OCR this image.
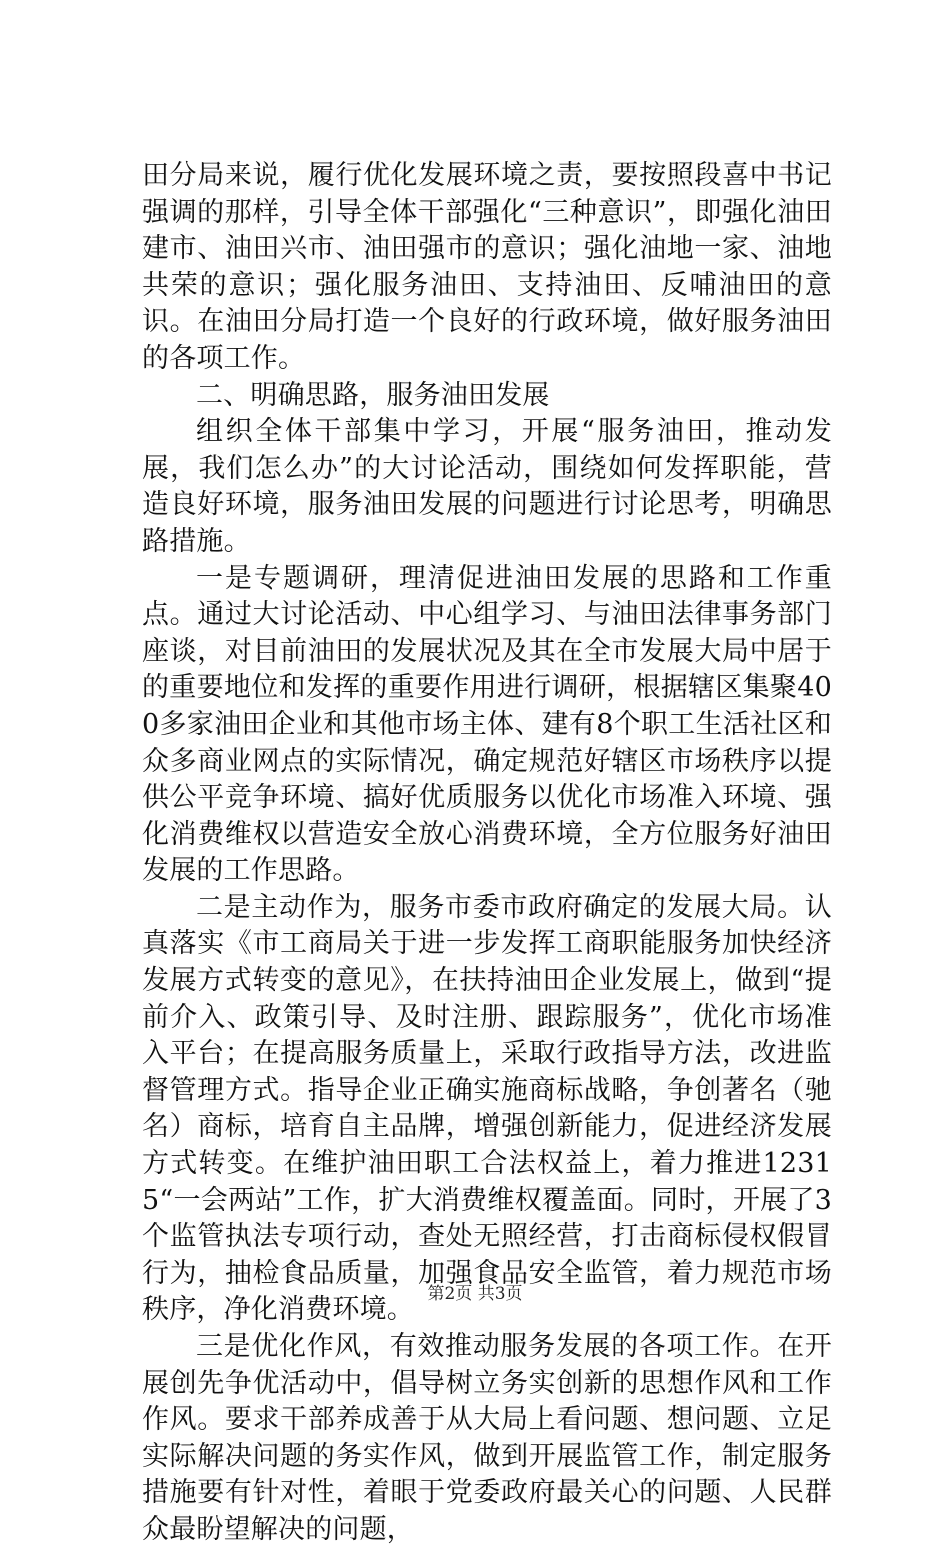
田分局来说，履行优化发展环境之责，要按照段喜中书记强调的那样，引导全体干部强化“三种意识”，即强化油田建市、油田兴市、油田强市的意识；强化油地一家、油地共荣的意识；强化服务油田、支持油田、反哺油田的意识。在油田分局打造一个良好的行政环境，做好服务油田的各项工作。

二、明确思路，服务油田发展

组织全体干部集中学习，开展“服务油田，推动发展，我们怎么办”的大讨论活动，围绕如何发挥职能，营造良好环境，服务油田发展的问题进行讨论思考，明确思路措施。

一是专题调研，理清促进油田发展的思路和工作重点。通过大讨论活动、中心组学习、与油田法律事务部门座谈，对目前油田的发展状况及其在全市发展大局中居于的重要地位和发挥的重要作用进行调研，根据辖区集聚400多家油田企业和其他市场主体、建有8个职工生活社区和众多商业网点的实际情况，确定规范好辖区市场秩序以提供公平竞争环境、搞好优质服务以优化市场准入环境、强化消费维权以营造安全放心消费环境，全方位服务好油田发展的工作思路。

二是主动作为，服务市委市政府确定的发展大局。认真落实《市工商局关于进一步发挥工商职能服务加快经济发展方式转变的意见》，在扶持油田企业发展上，做到“提前介入、政策引导、及时注册、跟踪服务”，优化市场准入平台；在提高服务质量上，采取行政指导方法，改进监督管理方式。指导企业正确实施商标战略，争创著名（驰名）商标，培育自主品牌，增强创新能力，促进经济发展方式转变。在维护油田职工合法权益上，着力推进12315“一会两站”工作，扩大消费维权覆盖面。同时，开展了3个监管执法专项行动，查处无照经营，打击商标侵权假冒行为，抽检食品质量，加强食品安全监管，着力规范市场秩序，净化消费环境。

三是优化作风，有效推动服务发展的各项工作。在开展创先争优活动中，倡导树立务实创新的思想作风和工作作风。要求干部养成善于从大局上看问题、想问题、立足实际解决问题的务实作风，做到开展监管工作，制定服务措施要有针对性，着眼于党委政府最关心的问题、人民群众最盼望解决的问题，

第2页 共3页
